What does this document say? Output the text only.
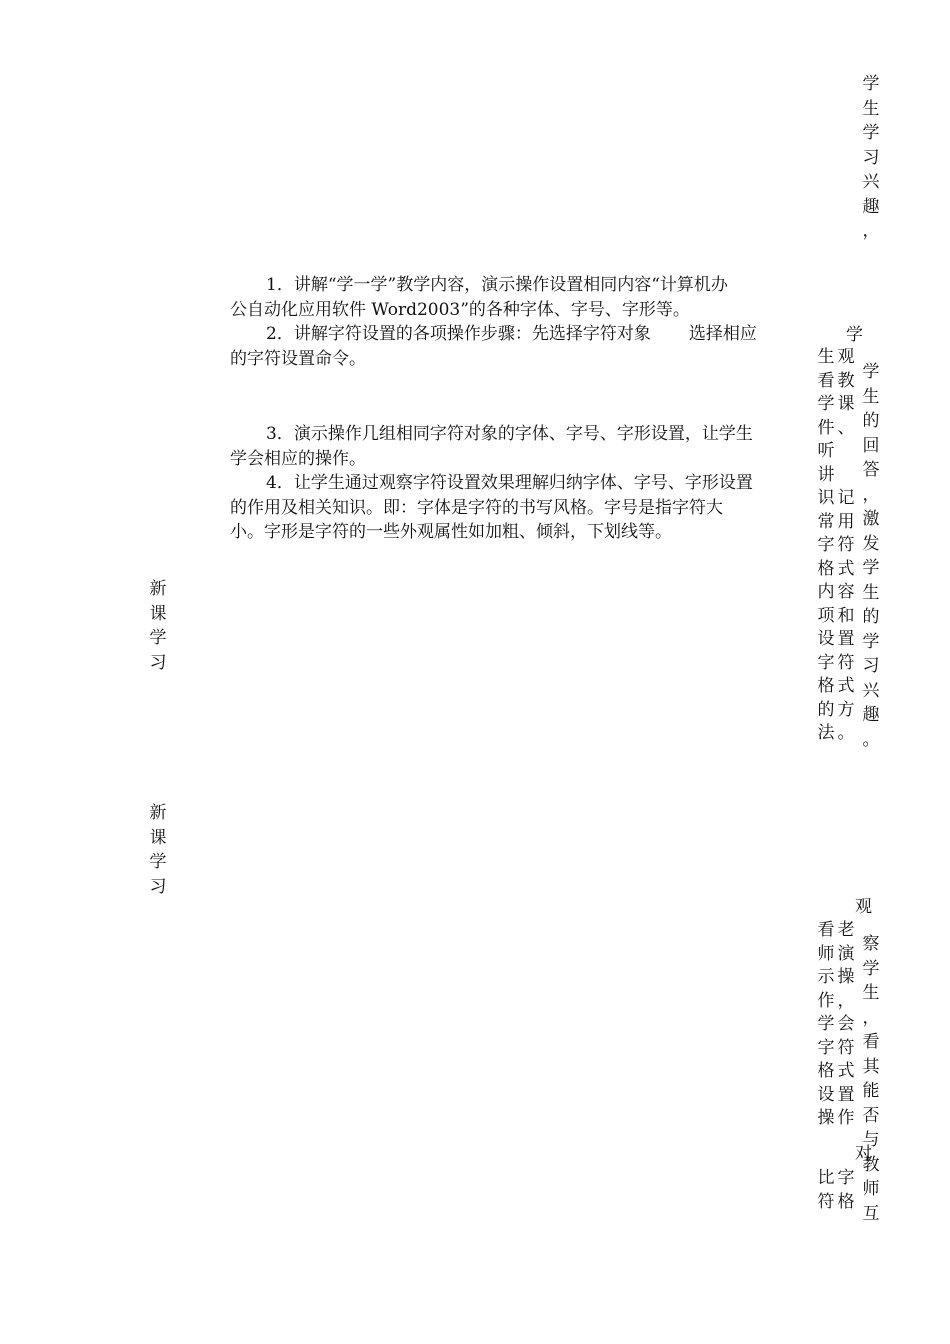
学
生
学
习
兴
趣
，

1．讲解“学一学”教学内容，演示操作设置相同内容“计算机办

公自动化应用软件 Word2003”的各种字体、字号、字形等。

2．讲解字符设置的各项操作步骤：先选择字符对象 选择相应

的字符设置命令。

3．演示操作几组相同字符对象的字体、字号、字形设置，让学生

学会相应的操作。

4．让学生通过观察字符设置效果理解归纳字体、字号、字形设置

的作用及相关知识。即：字体是字符的书写风格。字号是指字符大

小。字形是字符的一些外观属性如加粗、倾斜，下划线等。

新
课
学
习
新
课
学
习
学
生
看
学
件
听
讲
识
常
字
格
内
项
设
字
格
的
法
观
教
课
、
记
用
符
式
容
和
置
符
式
方
。
学
生
的
回
答
，
激
发
学
生
的
学
习
兴
趣
。
观
看
师
示
作
学
字
格
设
操
老
演
操
，
会
符
式
置
作
对
比
符
字
格
察
学
生
，
看
其
能
否
与
教
师
互
